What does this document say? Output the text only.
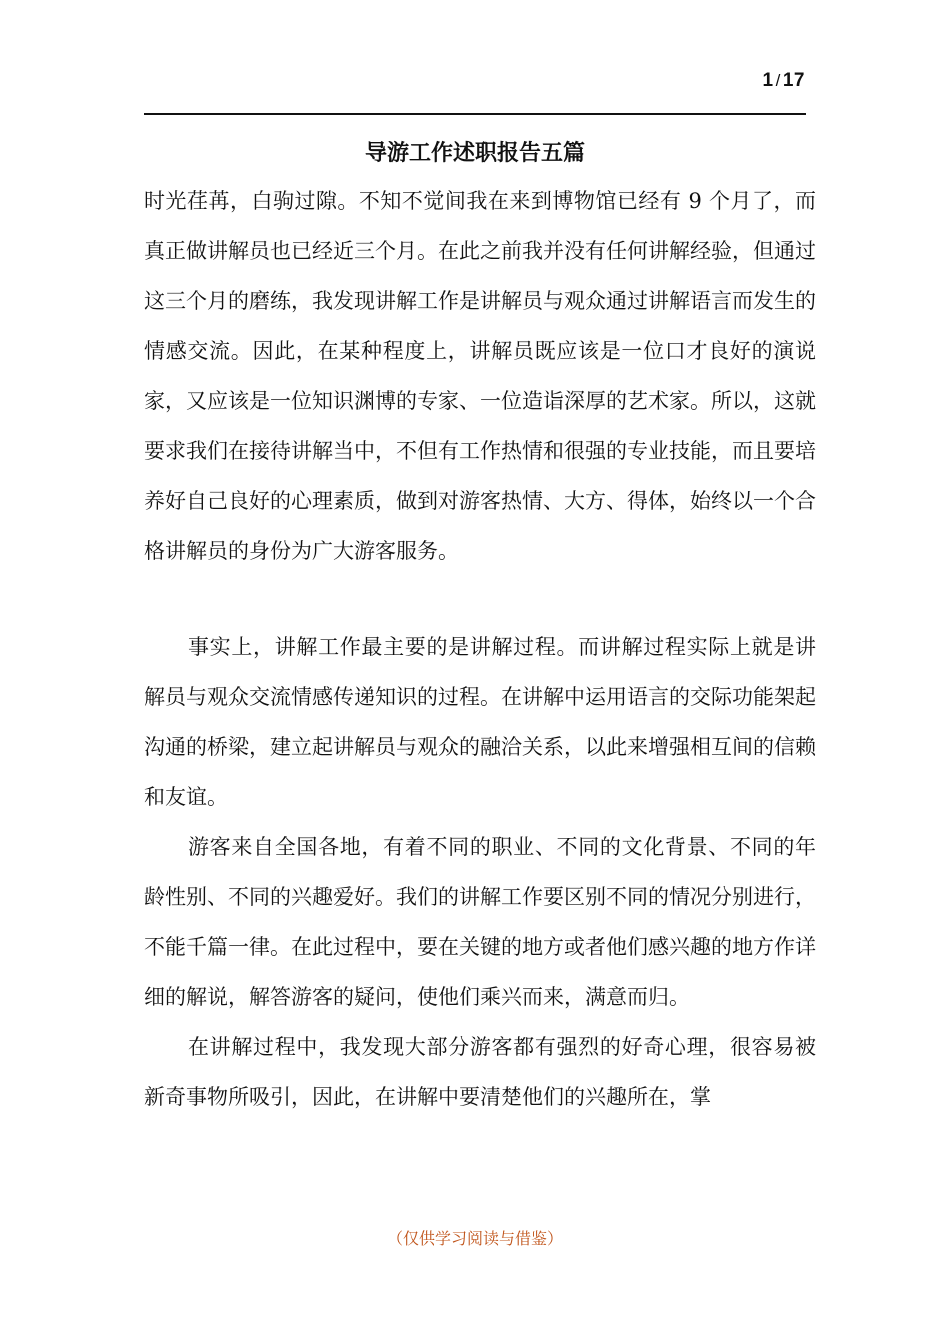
1 / 17
导游工作述职报告五篇

时光荏苒，白驹过隙。不知不觉间我在来到博物馆已经有 9 个月了，而真正做讲解员也已经近三个月。在此之前我并没有任何讲解经验，但通过这三个月的磨练，我发现讲解工作是讲解员与观众通过讲解语言而发生的情感交流。因此，在某种程度上，讲解员既应该是一位口才良好的演说家，又应该是一位知识渊博的专家、一位造诣深厚的艺术家。所以，这就要求我们在接待讲解当中，不但有工作热情和很强的专业技能，而且要培养好自己良好的心理素质，做到对游客热情、大方、得体，始终以一个合格讲解员的身份为广大游客服务。

事实上，讲解工作最主要的是讲解过程。而讲解过程实际上就是讲解员与观众交流情感传递知识的过程。在讲解中运用语言的交际功能架起沟通的桥梁，建立起讲解员与观众的融洽关系，以此来增强相互间的信赖和友谊。

游客来自全国各地，有着不同的职业、不同的文化背景、不同的年龄性别、不同的兴趣爱好。我们的讲解工作要区别不同的情况分别进行，不能千篇一律。在此过程中，要在关键的地方或者他们感兴趣的地方作详细的解说，解答游客的疑问，使他们乘兴而来，满意而归。

在讲解过程中，我发现大部分游客都有强烈的好奇心理，很容易被新奇事物所吸引，因此，在讲解中要清楚他们的兴趣所在，掌

（仅供学习阅读与借鉴）
